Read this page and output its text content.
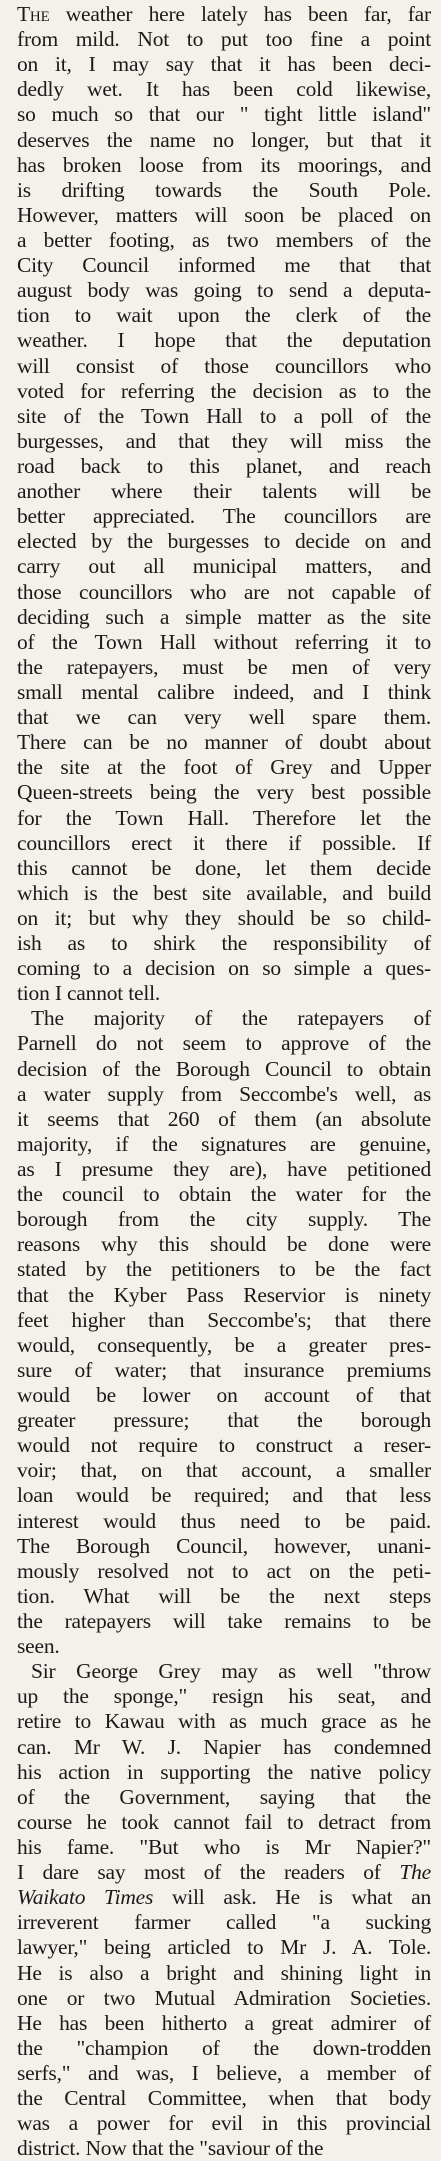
The weather here lately has been far, far
from mild. Not to put too fine a point
on it, I may say that it has been deci-
dedly wet. It has been cold likewise,
so much so that our " tight little island"
deserves the name no longer, but that it
has broken loose from its moorings, and
is drifting towards the South Pole.
However, matters will soon be placed on
a better footing, as two members of the
City Council informed me that that
august body was going to send a deputa-
tion to wait upon the clerk of the
weather. I hope that the deputation
will consist of those councillors who
voted for referring the decision as to the
site of the Town Hall to a poll of the
burgesses, and that they will miss the
road back to this planet, and reach
another where their talents will be
better appreciated. The councillors are
elected by the burgesses to decide on and
carry out all municipal matters, and
those councillors who are not capable of
deciding such a simple matter as the site
of the Town Hall without referring it to
the ratepayers, must be men of very
small mental calibre indeed, and I think
that we can very well spare them.
There can be no manner of doubt about
the site at the foot of Grey and Upper
Queen-streets being the very best possible
for the Town Hall. Therefore let the
councillors erect it there if possible. If
this cannot be done, let them decide
which is the best site available, and build
on it; but why they should be so child-
ish as to shirk the responsibility of
coming to a decision on so simple a ques-
tion I cannot tell.
The majority of the ratepayers of
Parnell do not seem to approve of the
decision of the Borough Council to obtain
a water supply from Seccombe's well, as
it seems that 260 of them (an absolute
majority, if the signatures are genuine,
as I presume they are), have petitioned
the council to obtain the water for the
borough from the city supply. The
reasons why this should be done were
stated by the petitioners to be the fact
that the Kyber Pass Reservior is ninety
feet higher than Seccombe's; that there
would, consequently, be a greater pres-
sure of water; that insurance premiums
would be lower on account of that
greater pressure; that the borough
would not require to construct a reser-
voir; that, on that account, a smaller
loan would be required; and that less
interest would thus need to be paid.
The Borough Council, however, unani-
mously resolved not to act on the peti-
tion. What will be the next steps
the ratepayers will take remains to be
seen.
Sir George Grey may as well "throw
up the sponge," resign his seat, and
retire to Kawau with as much grace as he
can. Mr W. J. Napier has condemned
his action in supporting the native policy
of the Government, saying that the
course he took cannot fail to detract from
his fame. "But who is Mr Napier?"
I dare say most of the readers of The
Waikato Times will ask. He is what an
irreverent farmer called "a sucking
lawyer," being articled to Mr J. A. Tole.
He is also a bright and shining light in
one or two Mutual Admiration Societies.
He has been hitherto a great admirer of
the "champion of the down-trodden
serfs," and was, I believe, a member of
the Central Committee, when that body
was a power for evil in this provincial
district. Now that the "saviour of the
